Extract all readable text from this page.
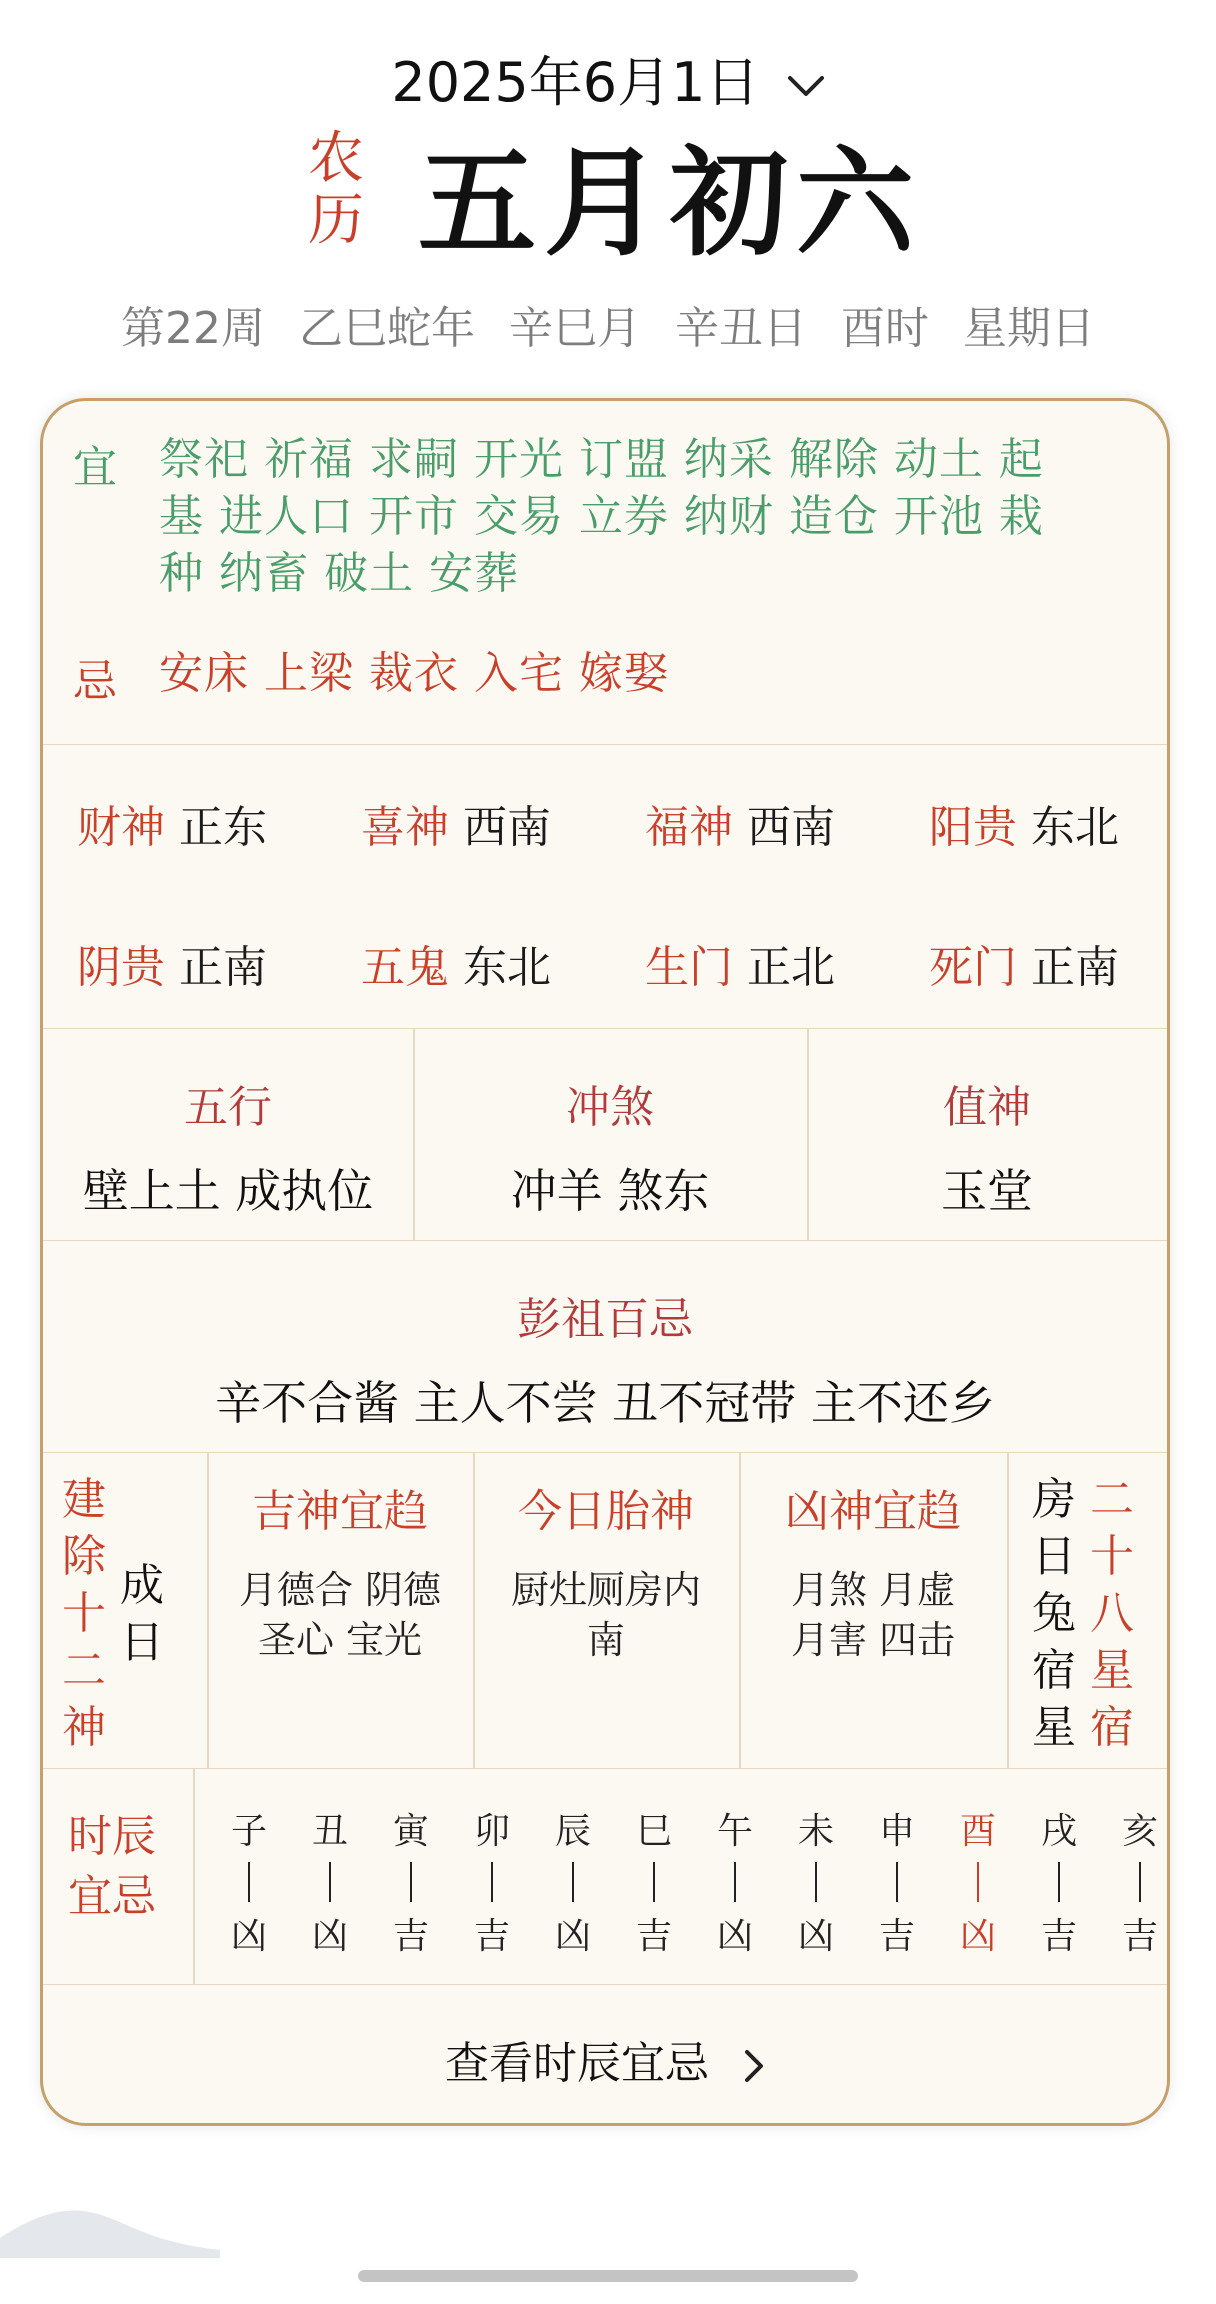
2025年6月1日
农
历 五月初六
第22周 乙巳蛇年 辛巳月 辛丑日 酉时 星期日
宜 祭祀 祈福 求嗣 开光 订盟 纳采 解除 动土 起
基 进人口 开市 交易 立券 纳财 造仓 开池 栽
种 纳畜 破土 安葬
忌 安床 上梁 裁衣 入宅 嫁娶
财神 正东 喜神 西南 福神 西南 阳贵 东北
阴贵 正南 五鬼 东北 生门 正北 死门 正南
五行
壁上土 成执位
冲煞
冲羊 煞东
值神
玉堂
彭祖百忌
辛不合酱 主人不尝 丑不冠带 主不还乡
建
除
十
二
神
成
日
吉神宜趋
月德合 阴德
圣心 宝光
今日胎神
厨灶厕房内
南
凶神宜趋
月煞 月虚
月害 四击
房
日
兔
宿
星
二
十
八
星
宿
时辰
宜忌
子
凶
丑
凶
寅
吉
卯
吉
辰
凶
巳
吉
午
凶
未
凶
申
吉
酉
凶
戌
吉
亥
吉
查看时辰宜忌
